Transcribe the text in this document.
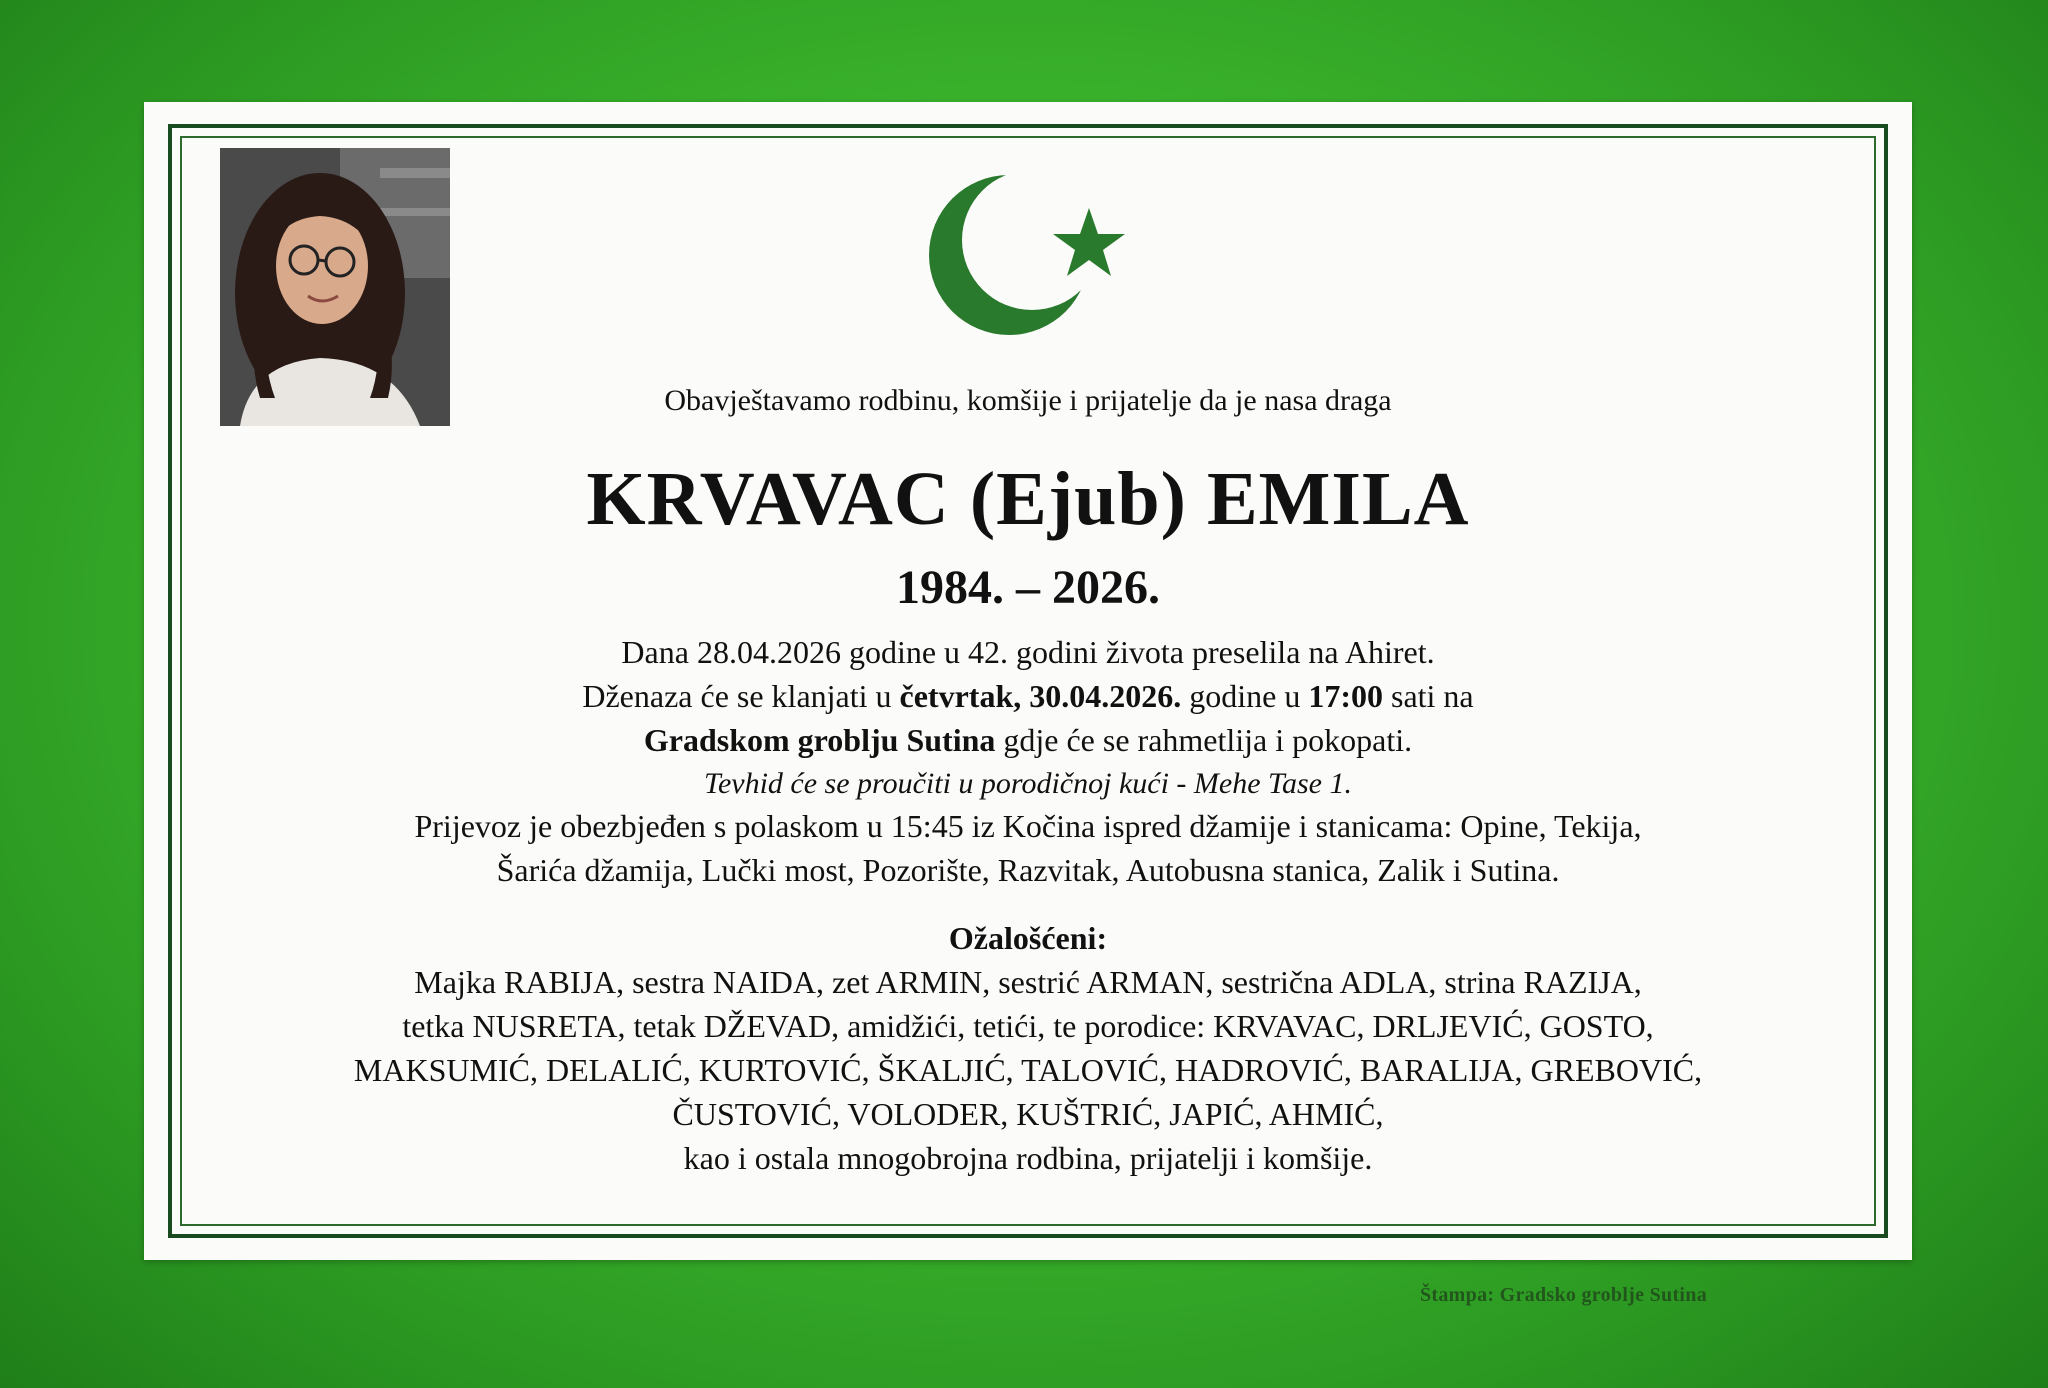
Obavještavamo rodbinu, komšije i prijatelje da je nasa draga
KRVAVAC (Ejub) EMILA
1984. – 2026.
Dana 28.04.2026 godine u 42. godini života preselila na Ahiret.
Dženaza će se klanjati u četvrtak, 30.04.2026. godine u 17:00 sati na
Gradskom groblju Sutina gdje će se rahmetlija i pokopati.
Tevhid će se proučiti u porodičnoj kući - Mehe Tase 1.
Prijevoz je obezbjeđen s polaskom u 15:45 iz Kočina ispred džamije i stanicama: Opine, Tekija,
Šarića džamija, Lučki most, Pozorište, Razvitak, Autobusna stanica, Zalik i Sutina.
Ožalošćeni:
Majka RABIJA, sestra NAIDA, zet ARMIN, sestrić ARMAN, sestrična ADLA, strina RAZIJA,
tetka NUSRETA, tetak DŽEVAD, amidžići, tetići, te porodice: KRVAVAC, DRLJEVIĆ, GOSTO,
MAKSUMIĆ, DELALIĆ, KURTOVIĆ, ŠKALJIĆ, TALOVIĆ, HADROVIĆ, BARALIJA, GREBOVIĆ,
ČUSTOVIĆ, VOLODER, KUŠTRIĆ, JAPIĆ, AHMIĆ,
kao i ostala mnogobrojna rodbina, prijatelji i komšije.
Štampa: Gradsko groblje Sutina
